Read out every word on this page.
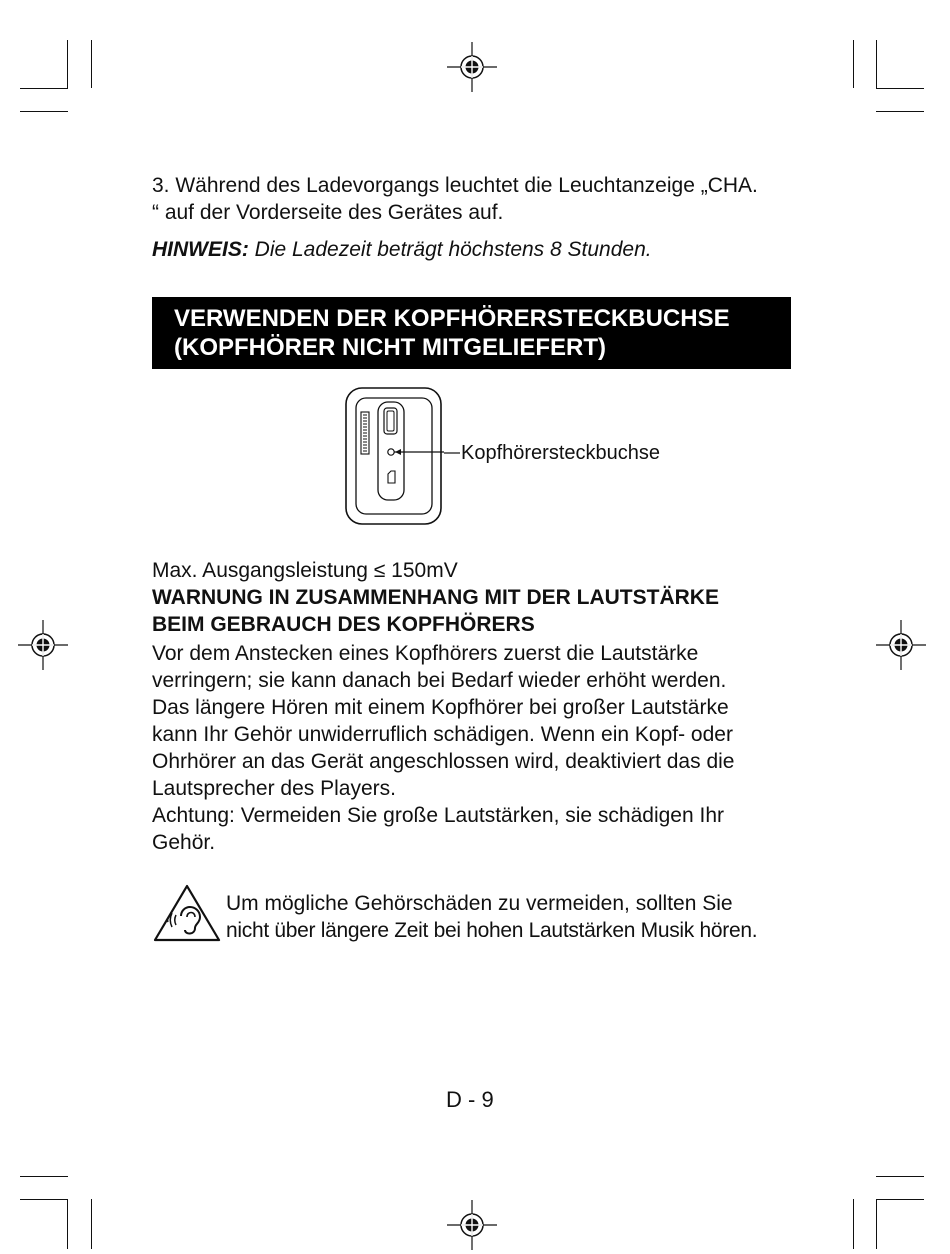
3. Während des Ladevorgangs leuchtet die Leuchtanzeige „CHA.
“ auf der Vorderseite des Gerätes auf.
HINWEIS: Die Ladezeit beträgt höchstens 8 Stunden.
VERWENDEN DER KOPFHÖRERSTECKBUCHSE
(KOPFHÖRER NICHT MITGELIEFERT)
Kopfhörersteckbuchse
Max. Ausgangsleistung ≤ 150mV
WARNUNG IN ZUSAMMENHANG MIT DER LAUTSTÄRKE
BEIM GEBRAUCH DES KOPFHÖRERS
Vor dem Anstecken eines Kopfhörers zuerst die Lautstärke
verringern; sie kann danach bei Bedarf wieder erhöht werden.
Das längere Hören mit einem Kopfhörer bei großer Lautstärke
kann Ihr Gehör unwiderruflich schädigen. Wenn ein Kopf- oder
Ohrhörer an das Gerät angeschlossen wird, deaktiviert das die
Lautsprecher des Players.
Achtung: Vermeiden Sie große Lautstärken, sie schädigen Ihr
Gehör.
Um mögliche Gehörschäden zu vermeiden, sollten Sie
nicht über längere Zeit bei hohen Lautstärken Musik hören.
D - 9
